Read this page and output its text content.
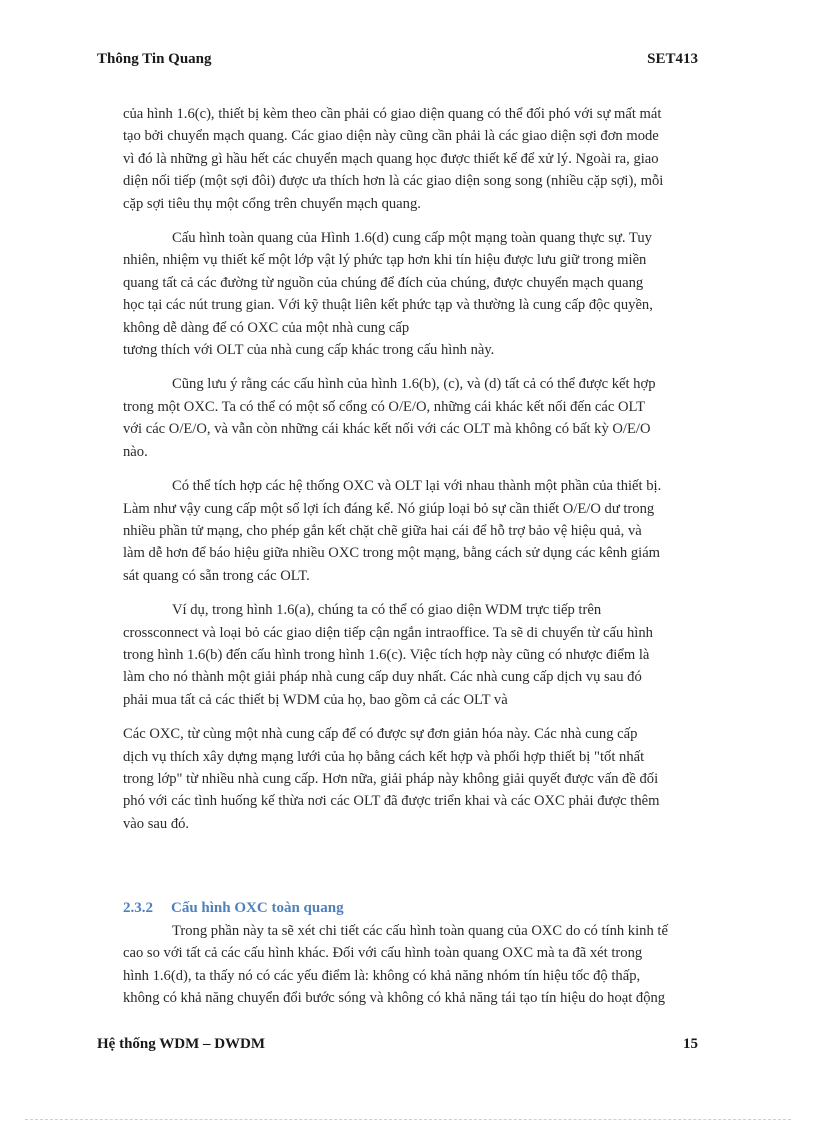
Thông Tin Quang	SET413

của hình 1.6(c), thiết bị kèm theo cần phải có giao diện quang có thể đối phó với sự mất mát
tạo bởi chuyển mạch quang. Các giao diện này cũng cần phải là các giao diện sợi đơn mode
vì đó là những gì hầu hết các chuyển mạch quang học được thiết kế để xử lý. Ngoài ra, giao
diện nối tiếp (một sợi đôi) được ưa thích hơn là các giao diện song song (nhiều cặp sợi), mỗi
cặp sợi tiêu thụ một cổng trên chuyển mạch quang.

Cấu hình toàn quang của Hình 1.6(d) cung cấp một mạng toàn quang thực sự. Tuy
nhiên, nhiệm vụ thiết kế một lớp vật lý phức tạp hơn khi tín hiệu được lưu giữ trong miền
quang tất cả các đường từ nguồn của chúng để đích của chúng, được chuyển mạch quang
học tại các nút trung gian. Với kỹ thuật liên kết phức tạp và thường là cung cấp độc quyền,
không dễ dàng để có OXC của một nhà cung cấp
tương thích với OLT của nhà cung cấp khác trong cấu hình này.

Cũng lưu ý rằng các cấu hình của hình 1.6(b), (c), và (d) tất cả có thể được kết hợp
trong một OXC. Ta có thể có một số cổng có O/E/O, những cái khác kết nối đến các OLT
với các O/E/O, và vẫn còn những cái khác kết nối với các OLT mà không có bất kỳ O/E/O
nào.

Có thể tích hợp các hệ thống OXC và OLT lại với nhau thành một phần của thiết bị.
Làm như vậy cung cấp một số lợi ích đáng kể. Nó giúp loại bỏ sự cần thiết O/E/O dư trong
nhiều phần tử mạng, cho phép gắn kết chặt chẽ giữa hai cái để hỗ trợ bảo vệ hiệu quả, và
làm dễ hơn để báo hiệu giữa nhiều OXC trong một mạng, bằng cách sử dụng các kênh giám
sát quang có sẵn trong các OLT.

Ví dụ, trong hình 1.6(a), chúng ta có thể có giao diện WDM trực tiếp trên
crossconnect và loại bỏ các giao diện tiếp cận ngắn intraoffice. Ta sẽ di chuyển từ cấu hình
trong hình 1.6(b) đến cấu hình trong hình 1.6(c). Việc tích hợp này cũng có nhược điểm là
làm cho nó thành một giải pháp nhà cung cấp duy nhất. Các nhà cung cấp dịch vụ sau đó
phải mua tất cả các thiết bị WDM của họ, bao gồm cả các OLT và

Các OXC, từ cùng một nhà cung cấp để có được sự đơn giản hóa này. Các nhà cung cấp
dịch vụ thích xây dựng mạng lưới của họ bằng cách kết hợp và phối hợp thiết bị "tốt nhất
trong lớp" từ nhiều nhà cung cấp. Hơn nữa, giải pháp này không giải quyết được vấn đề đối
phó với các tình huống kế thừa nơi các OLT đã được triển khai và các OXC phải được thêm
vào sau đó.

2.3.2 Cấu hình OXC toàn quang

Trong phần này ta sẽ xét chi tiết các cấu hình toàn quang của OXC do có tính kinh tế
cao so với tất cả các cấu hình khác. Đối với cấu hình toàn quang OXC mà ta đã xét trong
hình 1.6(d), ta thấy nó có các yếu điểm là: không có khả năng nhóm tín hiệu tốc độ thấp,
không có khả năng chuyển đổi bước sóng và không có khả năng tái tạo tín hiệu do hoạt động

Hệ thống WDM – DWDM	15
